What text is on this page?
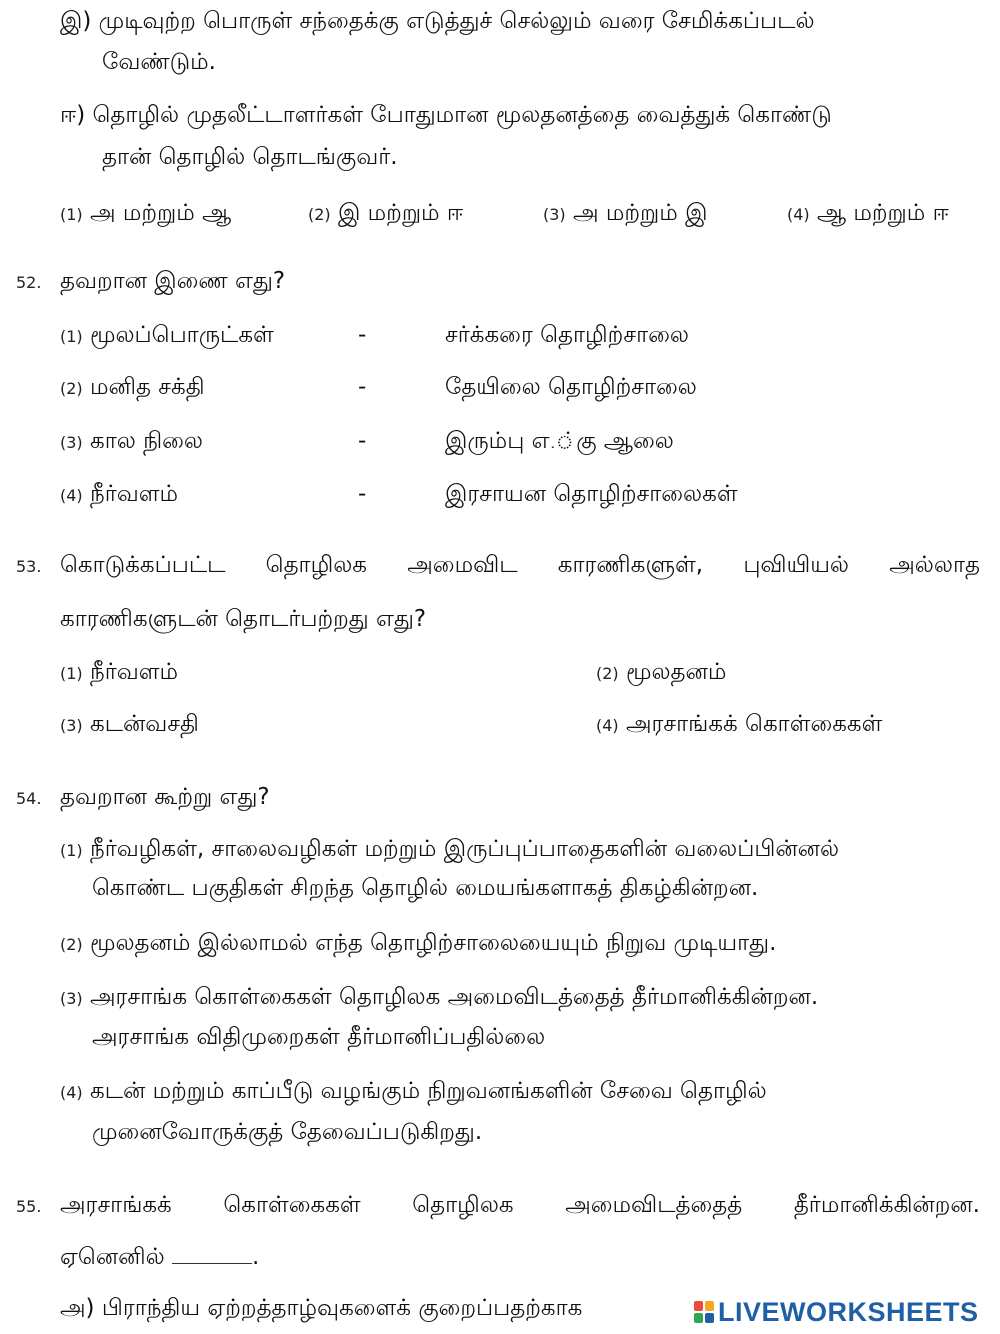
இ) முடிவுற்ற பொருள் சந்தைக்கு எடுத்துச் செல்லும் வரை சேமிக்கப்படல்
வேண்டும்.
ஈ) தொழில் முதலீட்டாளர்கள் போதுமான மூலதனத்தை வைத்துக் கொண்டு
தான் தொழில் தொடங்குவர்.
(1) அ மற்றும் ஆ	(2) இ மற்றும் ஈ	(3) அ மற்றும் இ	(4) ஆ மற்றும் ஈ
52. தவறான இணை எது?
(1) மூலப்பொருட்கள்	-	சர்க்கரை தொழிற்சாலை
(2) மனித சக்தி	-	தேயிலை தொழிற்சாலை
(3) கால நிலை	-	இரும்பு எ.்கு ஆலை
(4) நீர்வளம்	-	இரசாயன தொழிற்சாலைகள்
53. கொடுக்கப்பட்ட தொழிலக அமைவிட காரணிகளுள், புவியியல் அல்லாத
காரணிகளுடன் தொடர்பற்றது எது?
(1) நீர்வளம்	(2) மூலதனம்
(3) கடன்வசதி	(4) அரசாங்கக் கொள்கைகள்
54. தவறான கூற்று எது?
(1) நீர்வழிகள், சாலைவழிகள் மற்றும் இருப்புப்பாதைகளின் வலைப்பின்னல்
கொண்ட பகுதிகள் சிறந்த தொழில் மையங்களாகத் திகழ்கின்றன.
(2) மூலதனம் இல்லாமல் எந்த தொழிற்சாலையையும் நிறுவ முடியாது.
(3) அரசாங்க கொள்கைகள் தொழிலக அமைவிடத்தைத் தீர்மானிக்கின்றன.
அரசாங்க விதிமுறைகள் தீர்மானிப்பதில்லை
(4) கடன் மற்றும் காப்பீடு வழங்கும் நிறுவனங்களின் சேவை தொழில்
முனைவோருக்குத் தேவைப்படுகிறது.
55. அரசாங்கக் கொள்கைகள் தொழிலக அமைவிடத்தைத் தீர்மானிக்கின்றன.
ஏனெனில்	.
அ) பிராந்திய ஏற்றத்தாழ்வுகளைக் குறைப்பதற்காக	LIVEWORKSHEETS
